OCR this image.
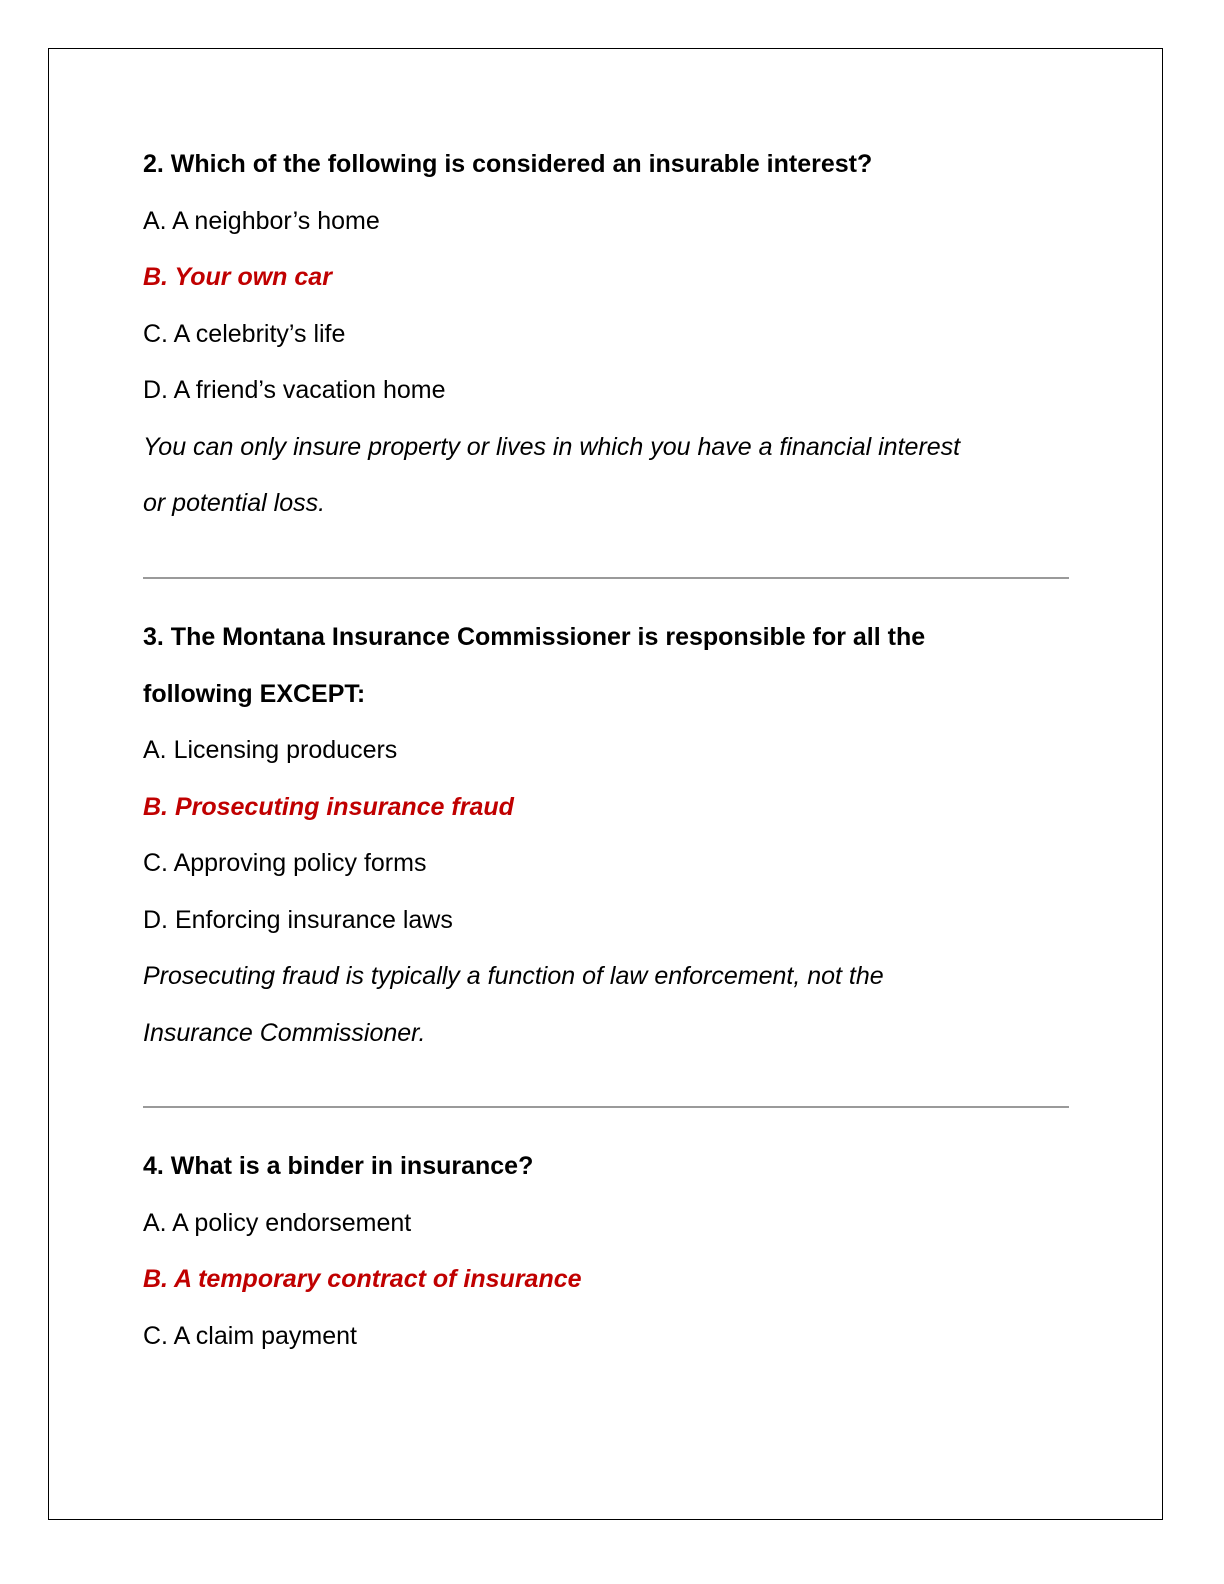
2. Which of the following is considered an insurable interest?
A. A neighbor’s home
B. Your own car
C. A celebrity’s life
D. A friend’s vacation home
You can only insure property or lives in which you have a financial interest
or potential loss.
3. The Montana Insurance Commissioner is responsible for all the
following EXCEPT:
A. Licensing producers
B. Prosecuting insurance fraud
C. Approving policy forms
D. Enforcing insurance laws
Prosecuting fraud is typically a function of law enforcement, not the
Insurance Commissioner.
4. What is a binder in insurance?
A. A policy endorsement
B. A temporary contract of insurance
C. A claim payment
